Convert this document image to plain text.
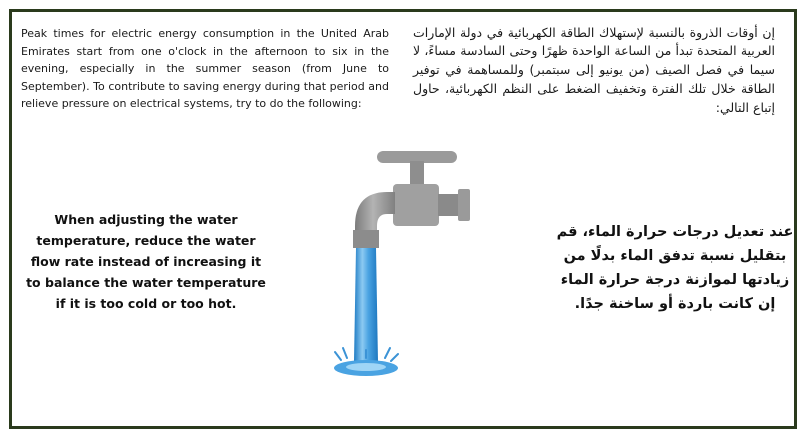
Peak times for electric energy consumption in the United Arab Emirates start from one o'clock in the afternoon to six in the evening, especially in the summer season (from June to September). To contribute to saving energy during that period and relieve pressure on electrical systems, try to do the following:

إن أوقات الذروة بالنسبة لإستهلاك الطاقة الكهربائية في دولة الإمارات العربية المتحدة تبدأ من الساعة الواحدة ظهرًا وحتى السادسة مساءً، لا سيما في فصل الصيف (من يونيو إلى سبتمبر) وللمساهمة في توفير الطاقة خلال تلك الفترة وتخفيف الضغط على النظم الكهربائية، حاول إتباع التالي:

When adjusting the water temperature, reduce the water flow rate instead of increasing it to balance the water temperature if it is too cold or too hot.

عند تعديل درجات حرارة الماء، قم بتقليل نسبة تدفق الماء بدلًا من زيادتها لموازنة درجة حرارة الماء إن كانت باردة أو ساخنة جدًا.
